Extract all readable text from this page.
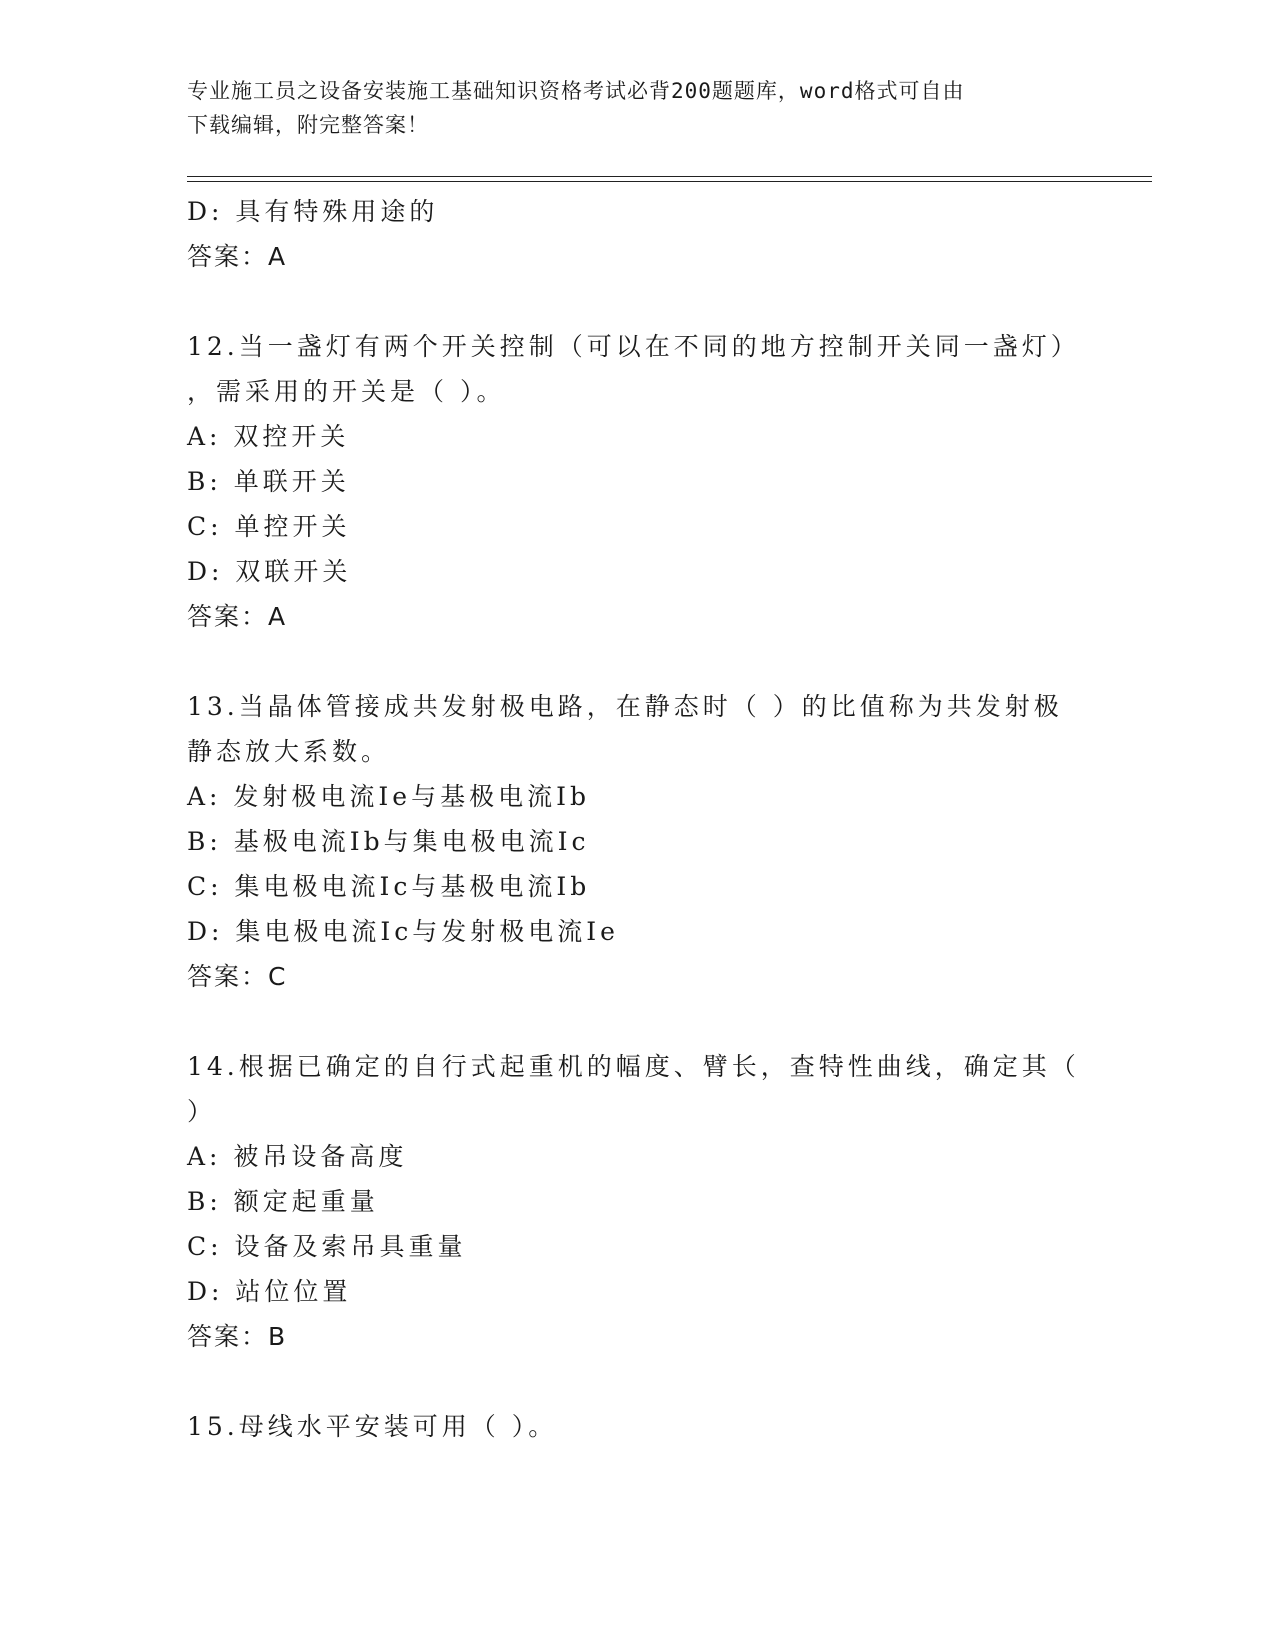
专业施工员之设备安装施工基础知识资格考试必背200题题库，word格式可自由
下载编辑，附完整答案！
D: 具有特殊用途的
答案：A
12.当一盏灯有两个开关控制（可以在不同的地方控制开关同一盏灯）
，需采用的开关是（ ）。
A: 双控开关
B: 单联开关
C: 单控开关
D: 双联开关
答案：A
13.当晶体管接成共发射极电路，在静态时（ ）的比值称为共发射极
静态放大系数。
A: 发射极电流Ie与基极电流Ib
B: 基极电流Ib与集电极电流Ic
C: 集电极电流Ic与基极电流Ib
D: 集电极电流Ic与发射极电流Ie
答案：C
14.根据已确定的自行式起重机的幅度、臂长，查特性曲线，确定其（
）
A: 被吊设备高度
B: 额定起重量
C: 设备及索吊具重量
D: 站位位置
答案：B
15.母线水平安装可用（ ）。
